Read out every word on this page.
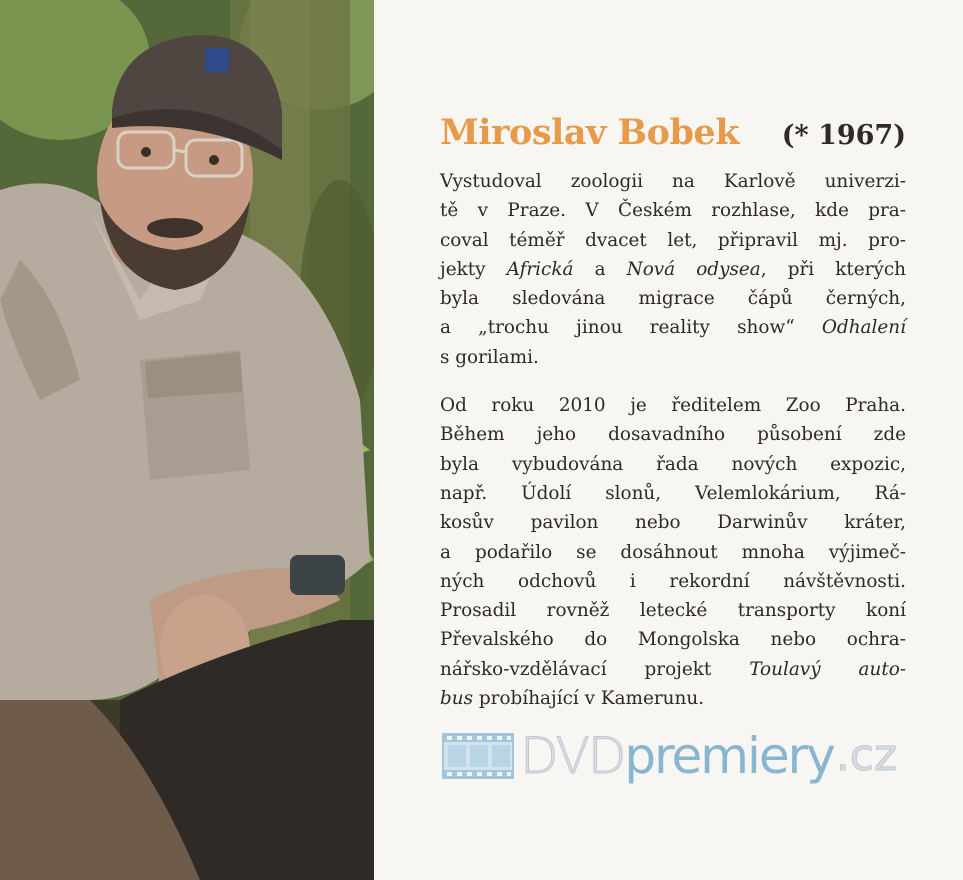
Miroslav Bobek (* 1967)

Vystudoval zoologii na Karlově univerzi-
tě v Praze. V Českém rozhlase, kde pra-
coval téměř dvacet let, připravil mj. pro-
jekty Africká a Nová odysea, při kterých
byla sledována migrace čápů černých,
a „trochu jinou reality show“ Odhalení
s gorilami.

Od roku 2010 je ředitelem Zoo Praha.
Během jeho dosavadního působení zde
byla vybudována řada nových expozic,
např. Údolí slonů, Velemlokárium, Rá-
kosův pavilon nebo Darwinův kráter,
a podařilo se dosáhnout mnoha výjimeč-
ných odchovů i rekordní návštěvnosti.
Prosadil rovněž letecké transporty koní
Převalského do Mongolska nebo ochra-
nářsko-vzdělávací projekt Toulavý auto-
bus probíhající v Kamerunu.

DVD premiery .cz
